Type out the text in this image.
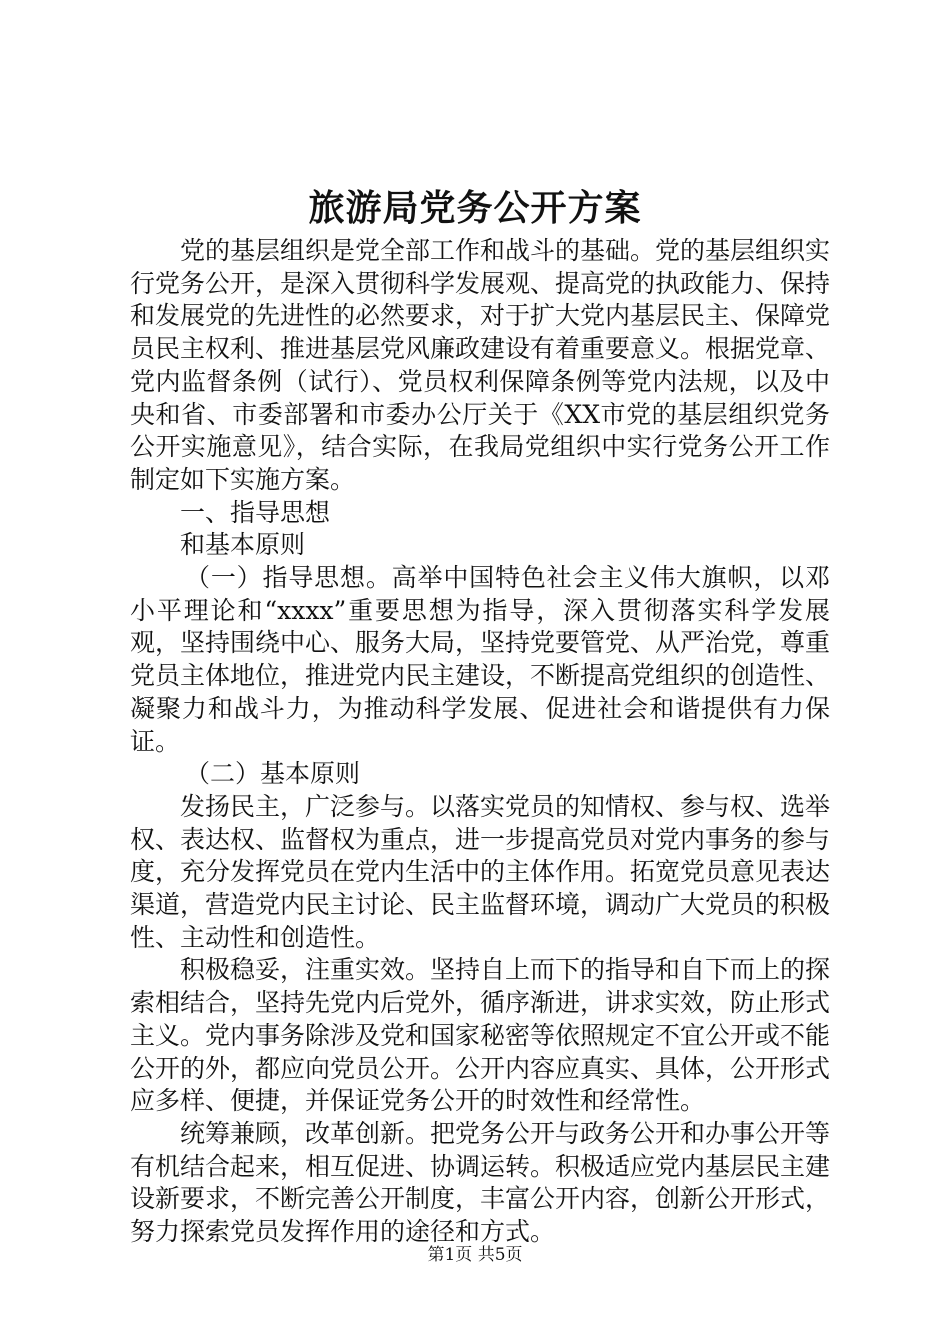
旅游局党务公开方案

党的基层组织是党全部工作和战斗的基础。党的基层组织实行党务公开，是深入贯彻科学发展观、提高党的执政能力、保持和发展党的先进性的必然要求，对于扩大党内基层民主、保障党员民主权利、推进基层党风廉政建设有着重要意义。根据党章、党内监督条例（试行）、党员权利保障条例等党内法规，以及中央和省、市委部署和市委办公厅关于《XX市党的基层组织党务公开实施意见》，结合实际，在我局党组织中实行党务公开工作制定如下实施方案。

一、指导思想

和基本原则

（一）指导思想。高举中国特色社会主义伟大旗帜，以邓小平理论和“xxxx”重要思想为指导，深入贯彻落实科学发展观，坚持围绕中心、服务大局，坚持党要管党、从严治党，尊重党员主体地位，推进党内民主建设，不断提高党组织的创造性、凝聚力和战斗力，为推动科学发展、促进社会和谐提供有力保证。

（二）基本原则

发扬民主，广泛参与。以落实党员的知情权、参与权、选举权、表达权、监督权为重点，进一步提高党员对党内事务的参与度，充分发挥党员在党内生活中的主体作用。拓宽党员意见表达渠道，营造党内民主讨论、民主监督环境，调动广大党员的积极性、主动性和创造性。

积极稳妥，注重实效。坚持自上而下的指导和自下而上的探索相结合，坚持先党内后党外，循序渐进，讲求实效，防止形式主义。党内事务除涉及党和国家秘密等依照规定不宜公开或不能公开的外，都应向党员公开。公开内容应真实、具体，公开形式应多样、便捷，并保证党务公开的时效性和经常性。

统筹兼顾，改革创新。把党务公开与政务公开和办事公开等有机结合起来，相互促进、协调运转。积极适应党内基层民主建设新要求，不断完善公开制度，丰富公开内容，创新公开形式，努力探索党员发挥作用的途径和方式。

第1页 共5页
